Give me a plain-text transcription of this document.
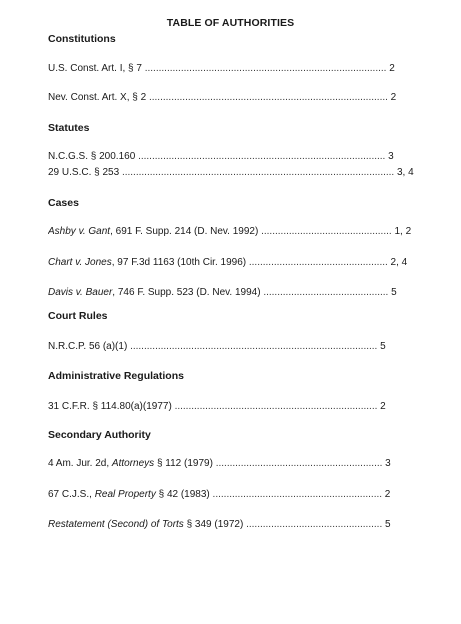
TABLE OF AUTHORITIES
Constitutions
U.S. Const. Art. I, § 7 ....................................................................................... 2
Nev. Const. Art. X, § 2 ...................................................................................... 2
Statutes
N.C.G.S. § 200.160 ......................................................................................... 3
29 U.S.C. § 253 .................................................................................................. 3, 4
Cases
Ashby v. Gant, 691 F. Supp. 214 (D. Nev. 1992) ............................................... 1, 2
Chart v. Jones, 97 F.3d 1163 (10th Cir. 1996) .................................................. 2, 4
Davis v. Bauer, 746 F. Supp. 523 (D. Nev. 1994) ............................................. 5
Court Rules
N.R.C.P. 56 (a)(1) ......................................................................................... 5
Administrative Regulations
31 C.F.R. § 114.80(a)(1977) ......................................................................... 2
Secondary Authority
4 Am. Jur. 2d, Attorneys § 112 (1979) ............................................................ 3
67 C.J.S., Real Property § 42 (1983) ............................................................. 2
Restatement (Second) of Torts § 349 (1972) ................................................. 5
